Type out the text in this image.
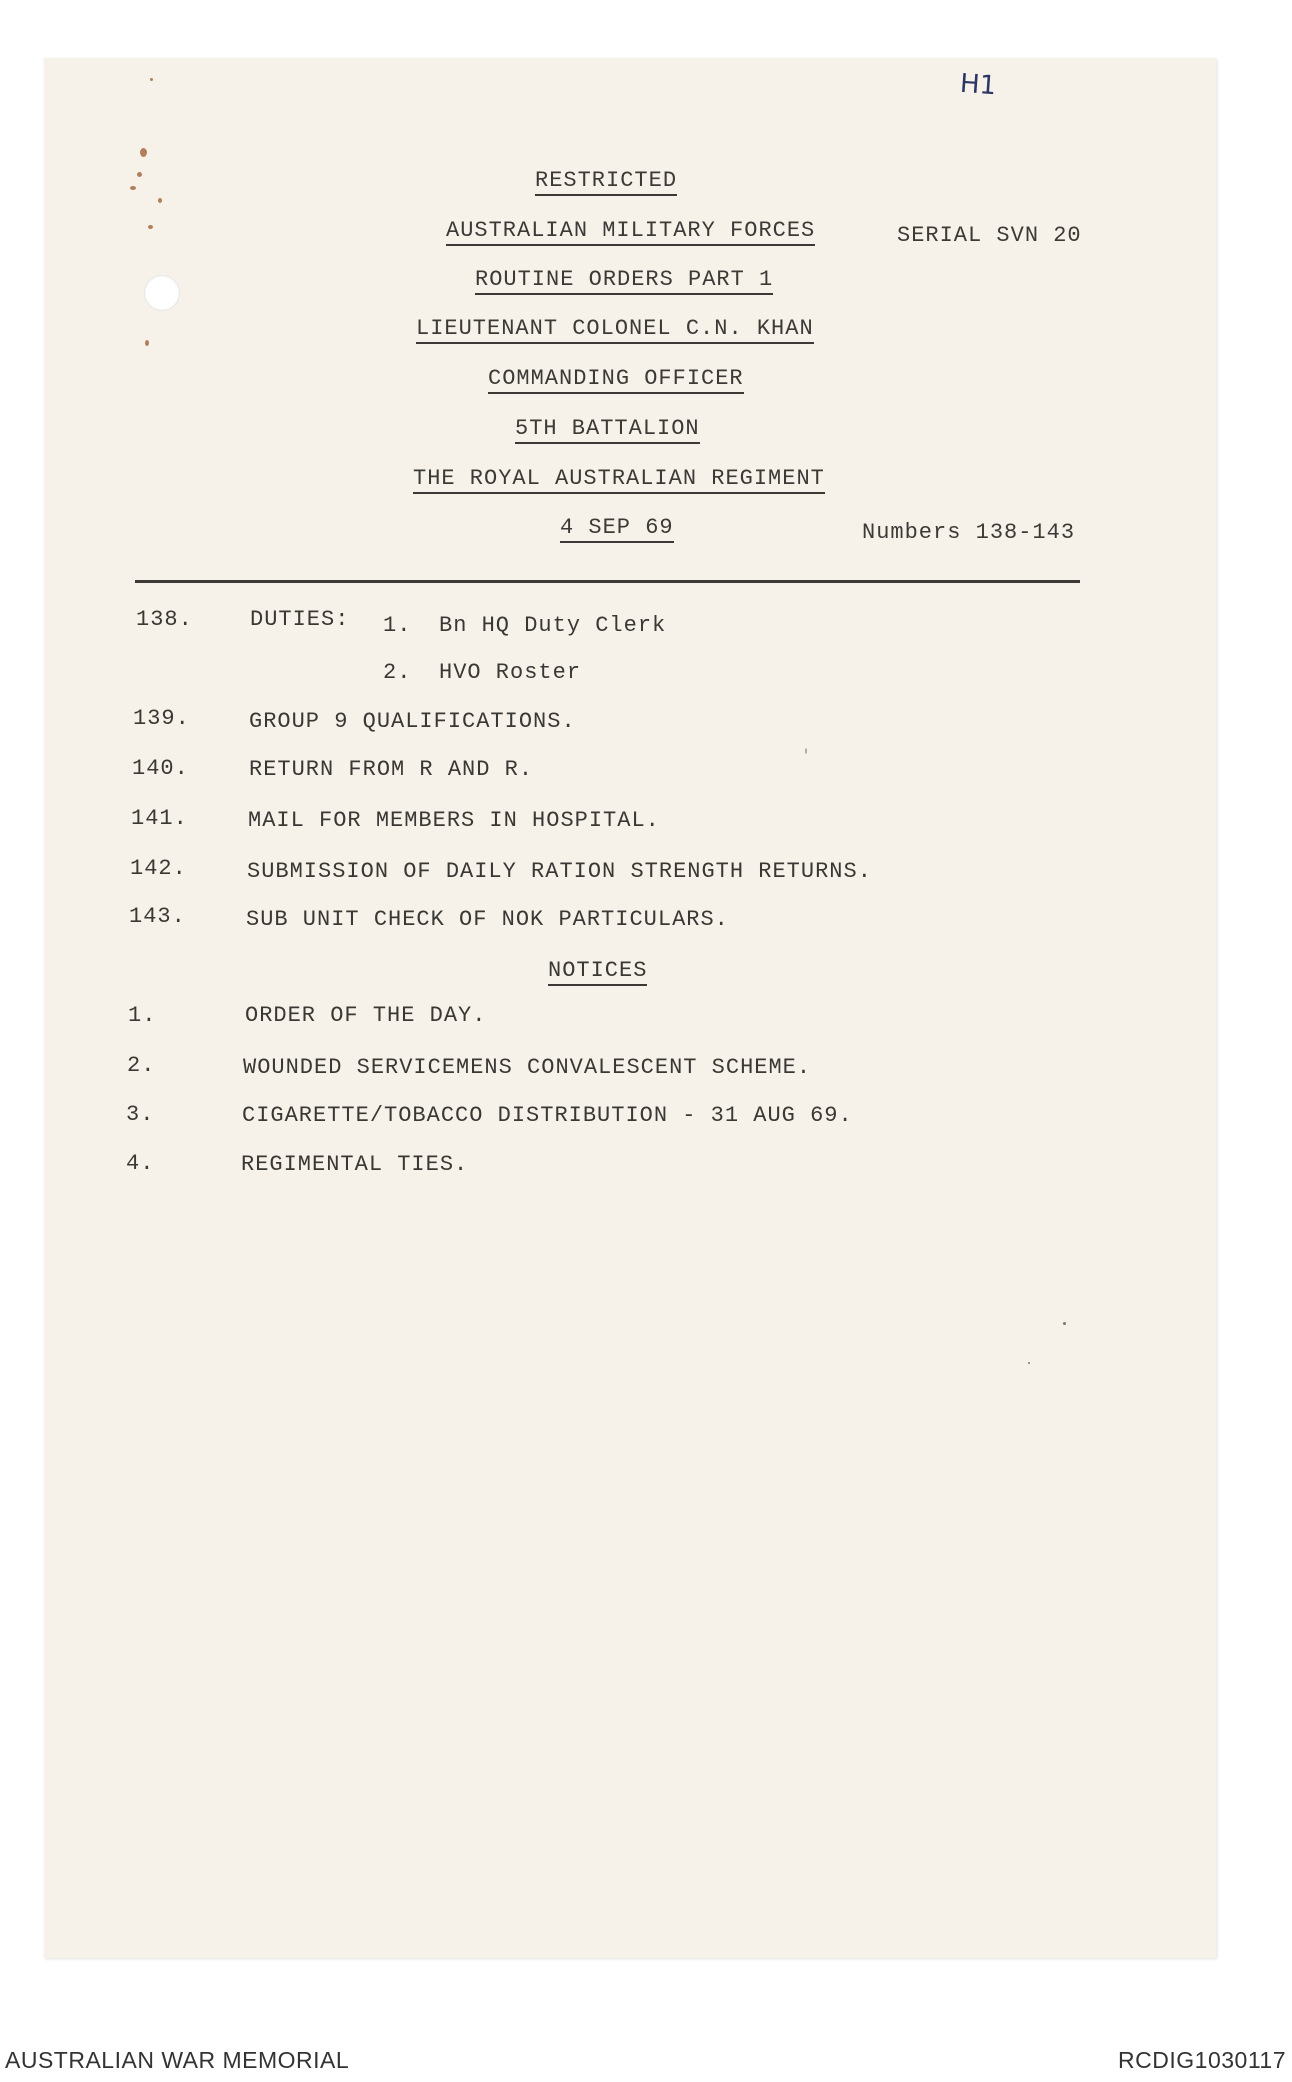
H1
RESTRICTED
AUSTRALIAN MILITARY FORCES	SERIAL SVN 20
ROUTINE ORDERS PART 1
LIEUTENANT COLONEL C.N. KHAN
COMMANDING OFFICER
5TH BATTALION
THE ROYAL AUSTRALIAN REGIMENT
4 SEP 69	Numbers 138-143
138.	DUTIES: 1. Bn HQ Duty Clerk
2. HVO Roster
139.	GROUP 9 QUALIFICATIONS.
140.	RETURN FROM R AND R.
141.	MAIL FOR MEMBERS IN HOSPITAL.
142.	SUBMISSION OF DAILY RATION STRENGTH RETURNS.
143.	SUB UNIT CHECK OF NOK PARTICULARS.
NOTICES
1.	ORDER OF THE DAY.
2.	WOUNDED SERVICEMENS CONVALESCENT SCHEME.
3.	CIGARETTE/TOBACCO DISTRIBUTION - 31 AUG 69.
4.	REGIMENTAL TIES.
AUSTRALIAN WAR MEMORIAL	RCDIG1030117
